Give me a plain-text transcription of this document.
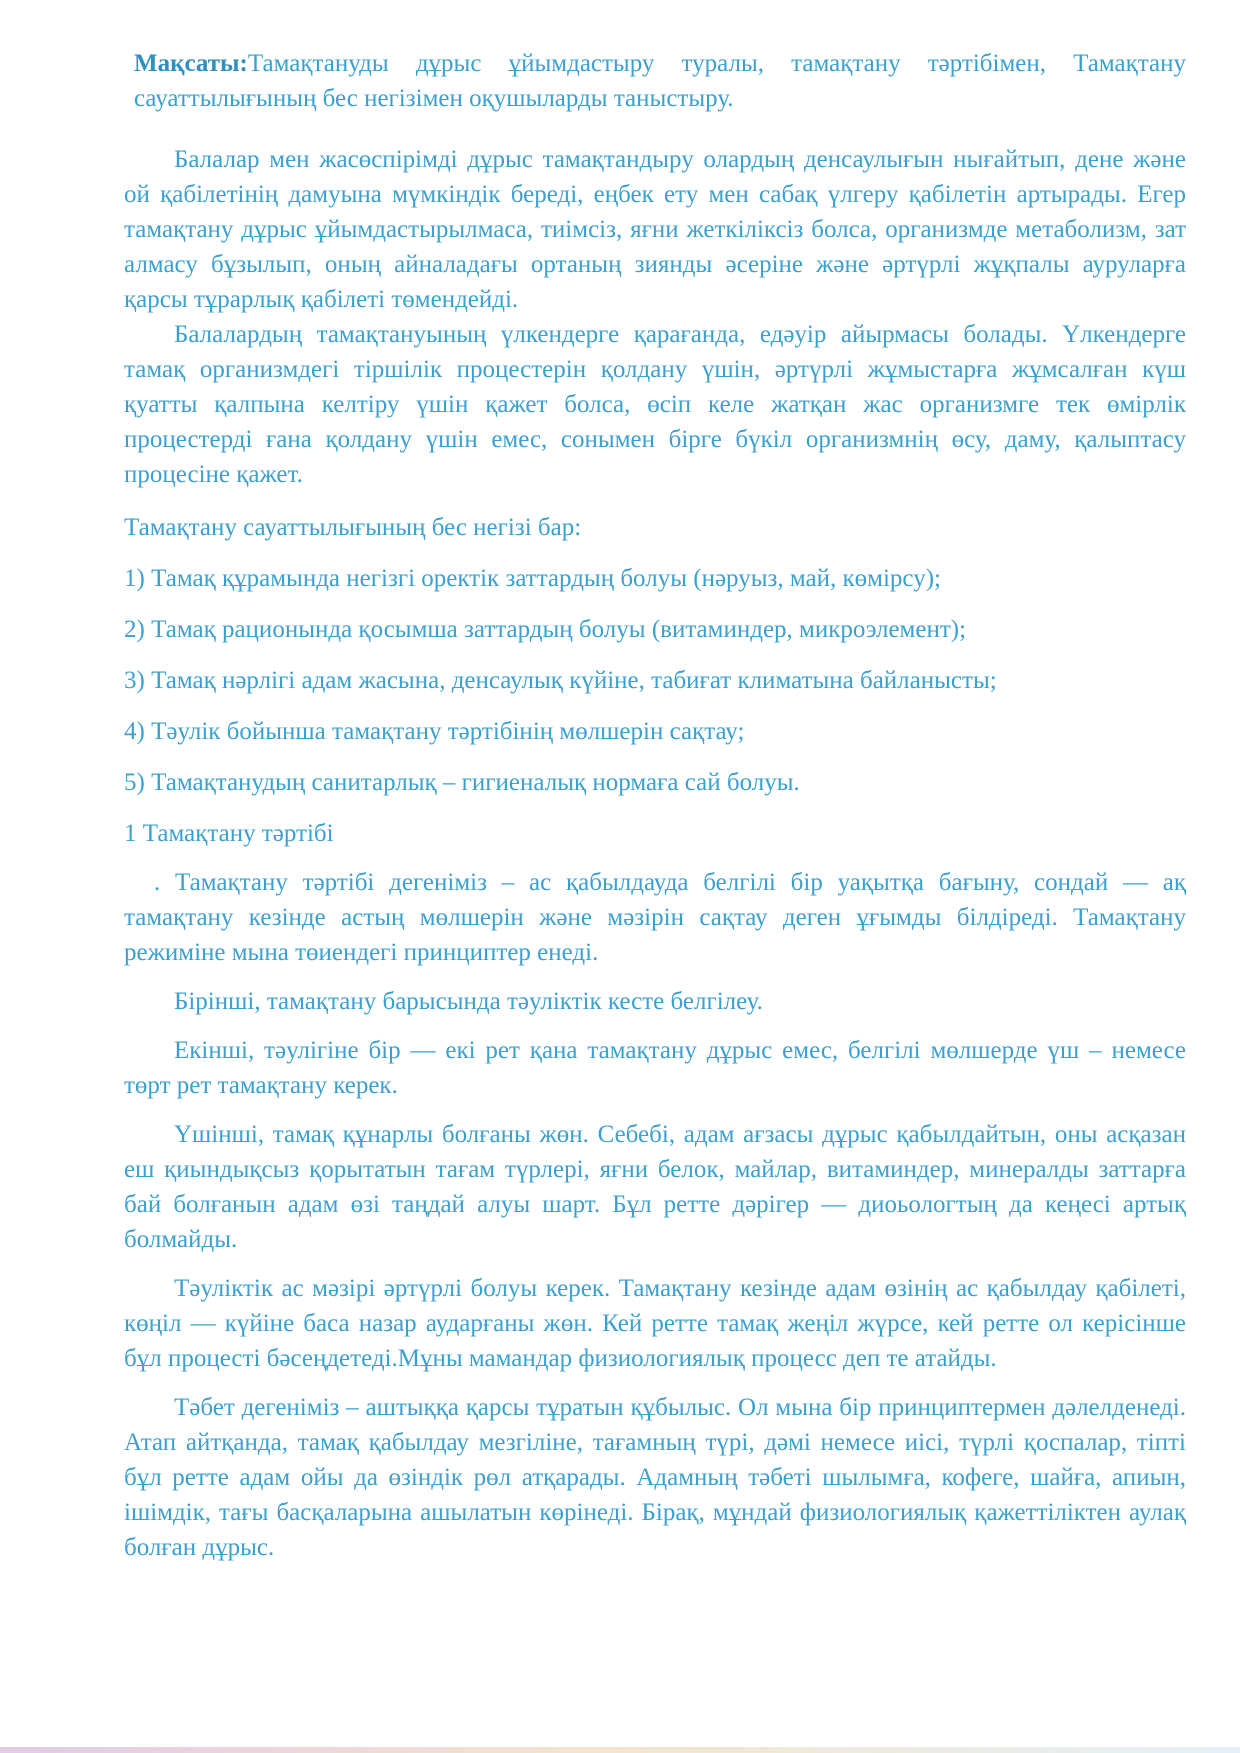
Мақсаты:Тамақтануды дұрыс ұйымдастыру туралы, тамақтану тәртібімен, Тамақтану сауаттылығының бес негізімен оқушыларды таныстыру.

Балалар мен жасөспірімді дұрыс тамақтандыру олардың денсаулығын нығайтып, дене және ой қабілетінің дамуына мүмкіндік береді, еңбек ету мен сабақ үлгеру қабілетін артырады. Егер тамақтану дұрыс ұйымдастырылмаса, тиімсіз, яғни жеткіліксіз болса, организмде метаболизм, зат алмасу бұзылып, оның айналадағы ортаның зиянды әсеріне және әртүрлі жұқпалы ауруларға қарсы тұрарлық қабілеті төмендейді.

Балалардың тамақтануының үлкендерге қарағанда, едәуір айырмасы болады. Үлкендерге тамақ организмдегі тіршілік процестерін қолдану үшін, әртүрлі жұмыстарға жұмсалған күш қуатты қалпына келтіру үшін қажет болса, өсіп келе жатқан жас организмге тек өмірлік процестерді ғана қолдану үшін емес, сонымен бірге бүкіл организмнің өсу, даму, қалыптасу процесіне қажет.

Тамақтану сауаттылығының бес негізі бар:

1) Тамақ құрамында негізгі оректік заттардың болуы (нәруыз, май, көмірсу);

2) Тамақ рационында қосымша заттардың болуы (витаминдер, микроэлемент);

3) Тамақ нәрлігі адам жасына, денсаулық күйіне, табиғат климатына байланысты;

4) Тәулік бойынша тамақтану тәртібінің мөлшерін сақтау;

5) Тамақтанудың санитарлық – гигиеналық нормаға сай болуы.

1 Тамақтану тәртібі

. Тамақтану тәртібі дегеніміз – ас қабылдауда белгілі бір уақытқа бағыну, сондай — ақ тамақтану кезінде астың мөлшерін және мәзірін сақтау деген ұғымды білдіреді. Тамақтану режиміне мына төиендегі принциптер енеді.

Бірінші, тамақтану барысында тәуліктік кесте белгілеу.

Екінші, тәулігіне бір — екі рет қана тамақтану дұрыс емес, белгілі мөлшерде үш – немесе төрт рет тамақтану керек.

Үшінші, тамақ құнарлы болғаны жөн. Себебі, адам ағзасы дұрыс қабылдайтын, оны асқазан еш қиындықсыз қорытатын тағам түрлері, яғни белок, майлар, витаминдер, минералды заттарға бай болғанын адам өзі таңдай алуы шарт. Бұл ретте дәрігер — диоьологтың да кеңесі артық болмайды.

Тәуліктік ас мәзірі әртүрлі болуы керек. Тамақтану кезінде адам өзінің ас қабылдау қабілеті, көңіл — күйіне баса назар аударғаны жөн. Кей ретте тамақ жеңіл жүрсе, кей ретте ол керісінше бұл процесті бәсеңдетеді.Мұны мамандар физиологиялық процесс деп те атайды.

Тәбет дегеніміз – аштыққа қарсы тұратын құбылыс. Ол мына бір принциптермен дәлелденеді. Атап айтқанда, тамақ қабылдау мезгіліне, тағамның түрі, дәмі немесе иісі, түрлі қоспалар, тіпті бұл ретте адам ойы да өзіндік рөл атқарады. Адамның тәбеті шылымға, кофеге, шайға, апиын, ішімдік, тағы басқаларына ашылатын көрінеді. Бірақ, мұндай физиологиялық қажеттіліктен аулақ болған дұрыс.
